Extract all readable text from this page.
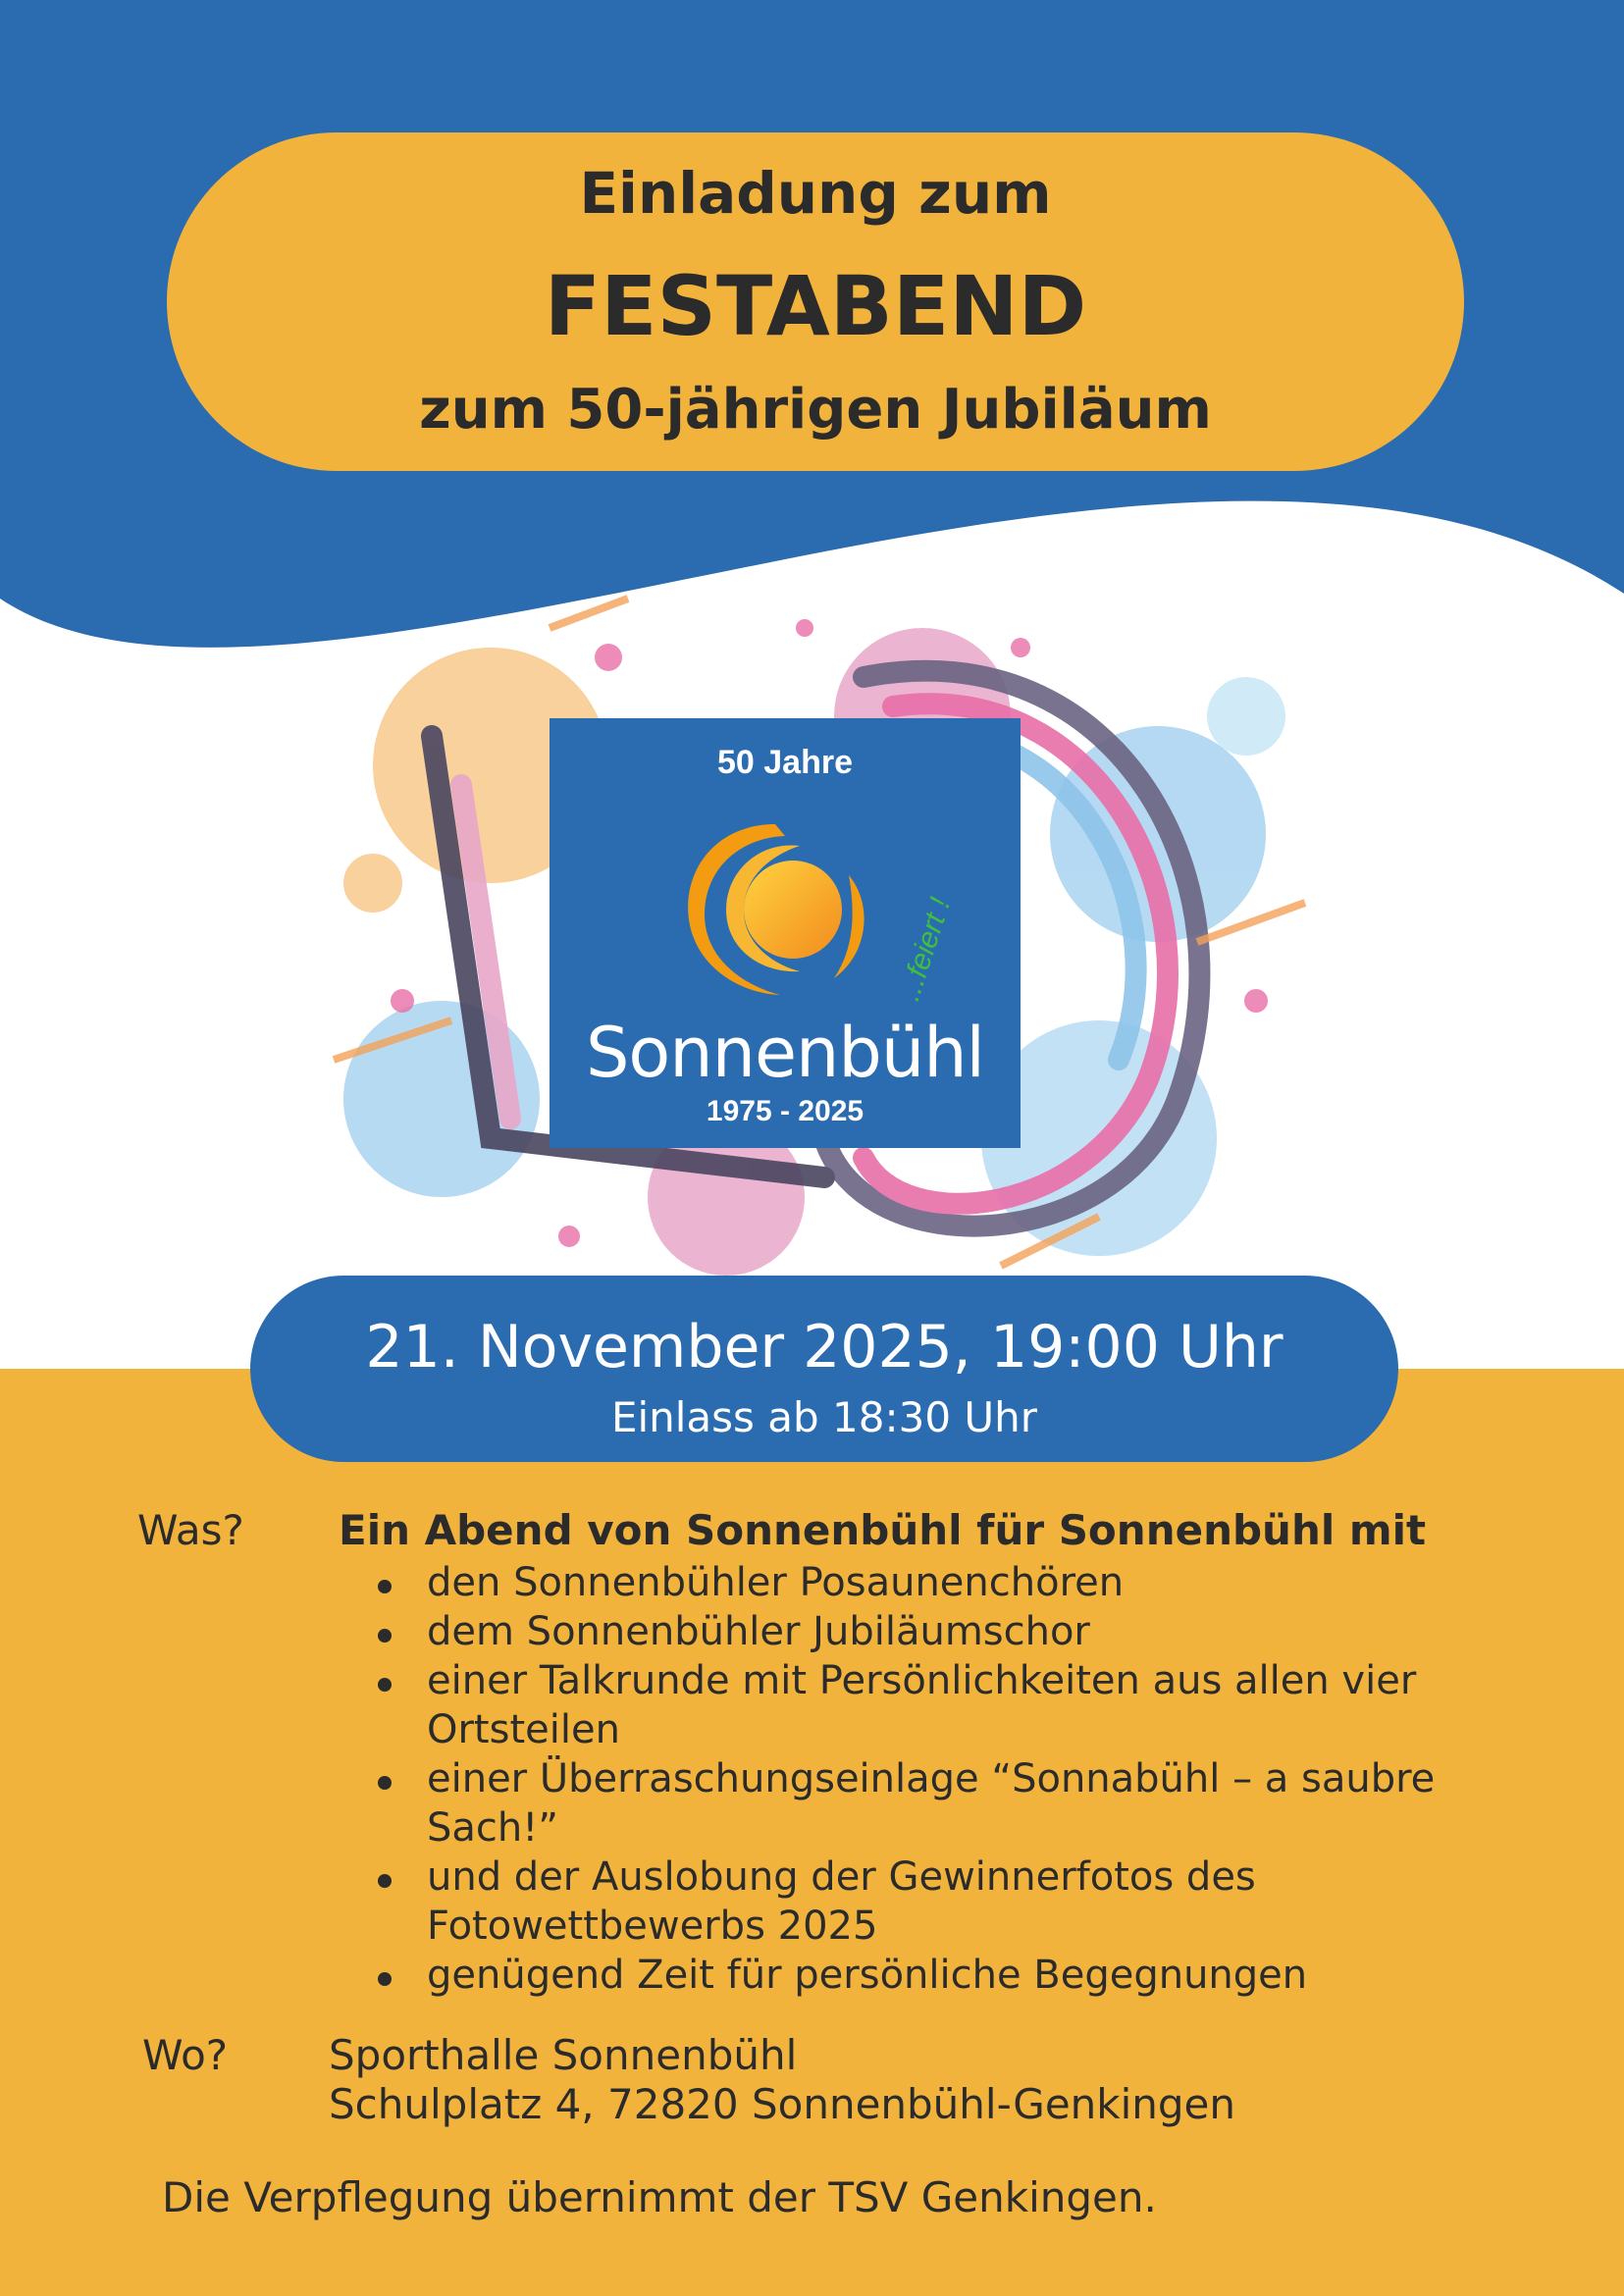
Einladung zum
FESTABEND
zum 50-jährigen Jubiläum
50 Jahre
...feiert !
Sonnenbühl
1975 - 2025
21. November 2025, 19:00 Uhr
Einlass ab 18:30 Uhr
Was? Ein Abend von Sonnenbühl für Sonnenbühl mit
den Sonnenbühler Posaunenchören
dem Sonnenbühler Jubiläumschor
einer Talkrunde mit Persönlichkeiten aus allen vier Ortsteilen
einer Überraschungseinlage “Sonnabühl – a saubre Sach!”
und der Auslobung der Gewinnerfotos des Fotowettbewerbs 2025
genügend Zeit für persönliche Begegnungen
Wo? Sporthalle Sonnenbühl
Schulplatz 4, 72820 Sonnenbühl-Genkingen
Die Verpflegung übernimmt der TSV Genkingen.
